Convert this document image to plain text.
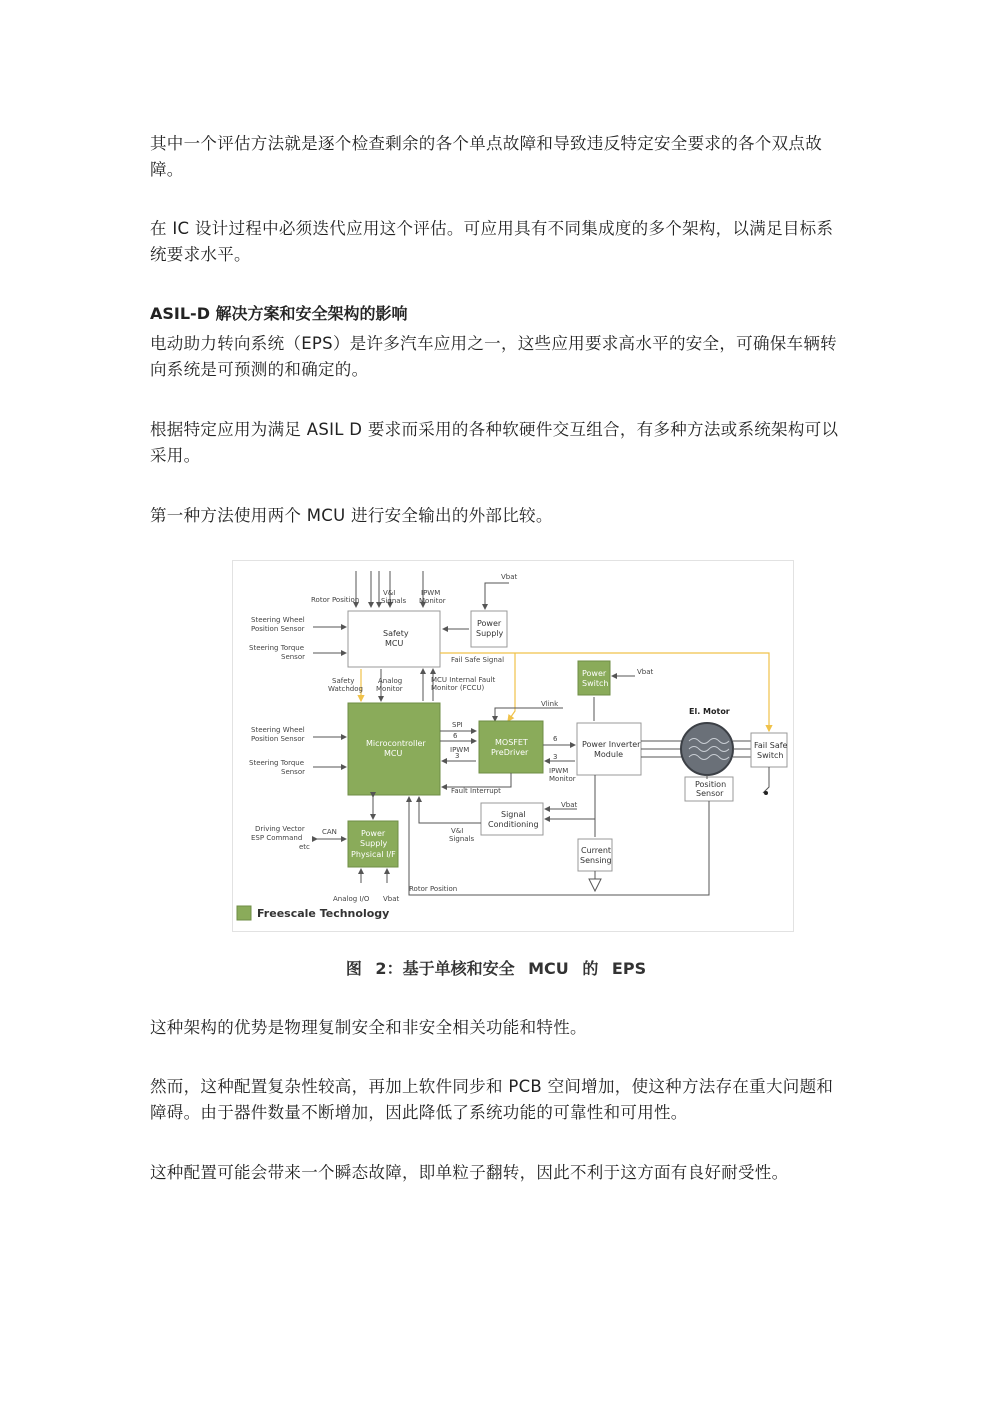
其中一个评估方法就是逐个检查剩余的各个单点故障和导致违反特定安全要求的各个双点故障。

在 IC 设计过程中必须迭代应用这个评估。可应用具有不同集成度的多个架构，以满足目标系统要求水平。

ASIL-D 解决方案和安全架构的影响

电动助力转向系统（EPS）是许多汽车应用之一，这些应用要求高水平的安全，可确保车辆转向系统是可预测的和确定的。

根据特定应用为满足 ASIL D 要求而采用的各种软硬件交互组合，有多种方法或系统架构可以采用。

第一种方法使用两个 MCU 进行安全输出的外部比较。

Rotor Position
V&I
Signals
IPWM
Monitor
Vbat
Power
Supply
Safety
MCU
Steering Wheel
Position Sensor
Steering Torque
Sensor	Fail Safe Signal
Safety
Watchdog
Analog
Monitor
MCU Internal Fault
Monitor (FCCU)
Power
Switch
Vbat
Vlink
Microcontroller
MCU
Steering Wheel
Position Sensor
Steering Torque
Sensor
SPI
6
IPWM
3
MOSFET
PreDriver
6
3
IPWM
Monitor
Fault Interrupt
Power Inverter
Module
El. Motor
Fail Safe
Switch
Position
Sensor
Signal
Conditioning
Vbat
V&I
Signals
Current
Sensing
Power
Supply
Physical I/F
Driving Vector
ESP Command
etc
CAN
Analog I/O Vbat
Rotor Position
Freescale Technology

图 2：基于单核和安全 MCU 的 EPS

这种架构的优势是物理复制安全和非安全相关功能和特性。

然而，这种配置复杂性较高，再加上软件同步和 PCB 空间增加，使这种方法存在重大问题和障碍。由于器件数量不断增加，因此降低了系统功能的可靠性和可用性。

这种配置可能会带来一个瞬态故障，即单粒子翻转，因此不利于这方面有良好耐受性。
